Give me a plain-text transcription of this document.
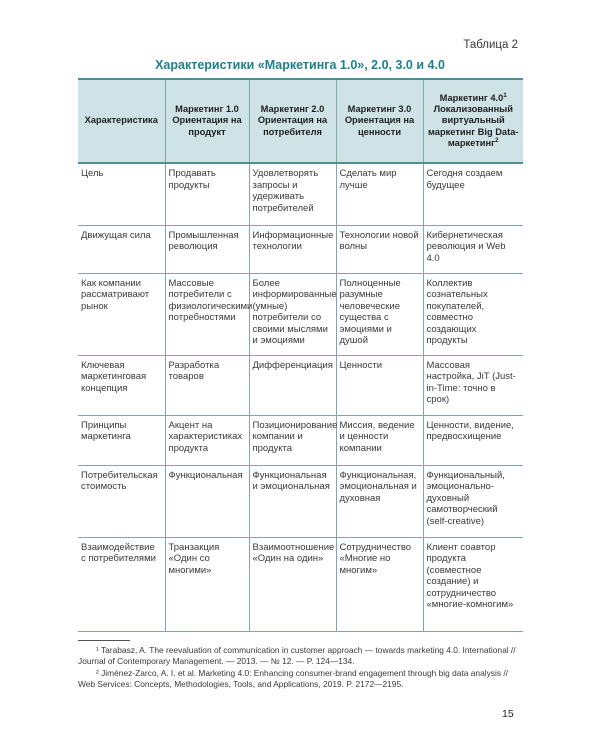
Таблица 2
Характеристики «Маркетинга 1.0», 2.0, 3.0 и 4.0
Характеристика	Маркетинг 1.0 Ориентация на продукт	Маркетинг 2.0 Ориентация на потребителя	Маркетинг 3.0 Ориентация на ценности	Маркетинг $4.0^1$ Локализованный виртуальный маркетинг Big Data-маркетинг$^2$
Цель	Продавать продукты	Удовлетворять запросы и удерживать потребителей	Сделать мир лучше	Сегодня создаем будущее
Движущая сила	Промышленная революция	Информационные технологии	Технологии новой волны	Кибернетическая революция и Web 4.0
Как компании рассматривают рынок	Массовые потребители с физиологическими потребностями	Более информированные (умные) потребители со своими мыслями и эмоциями	Полноценные разумные человеческие существа с эмоциями и душой	Коллектив сознательных покупателей, совместно создающих продукты
Ключевая маркетинговая концепция	Разработка товаров	Дифференциация	Ценности	Массовая настройка, JiT (Just-in-Time: точно в срок)
Принципы маркетинга	Акцент на характеристиках продукта	Позиционирование компании и продукта	Миссия, ведение и ценности компании	Ценности, видение, предвосхищение
Потребительская стоимость	Функциональная	Функциональная и эмоциональная	Функциональная, эмоциональная и духовная	Функциональный, эмоционально-духовный самотворческий (self-creative)
Взаимодействие с потребителями	Транзакция «Один со многими»	Взаимоотношение «Один на один»	Сотрудничество «Многие но многим»	Клиент соавтор продукта (совместное создание) и сотрудничество «многие-комногим»

¹ Tarabasz, A. The reevaluation of communication in customer approach — towards marketing 4.0. International // Journal of Contemporary Management. — 2013. — № 12. — P. 124—134.

² Jiménez-Zarco, A. I. et al. Marketing 4.0: Enhancing consumer-brand engagement through big data analysis // Web Services: Concepts, Methodologies, Tools, and Applications, 2019. P. 2172—2195.

15
